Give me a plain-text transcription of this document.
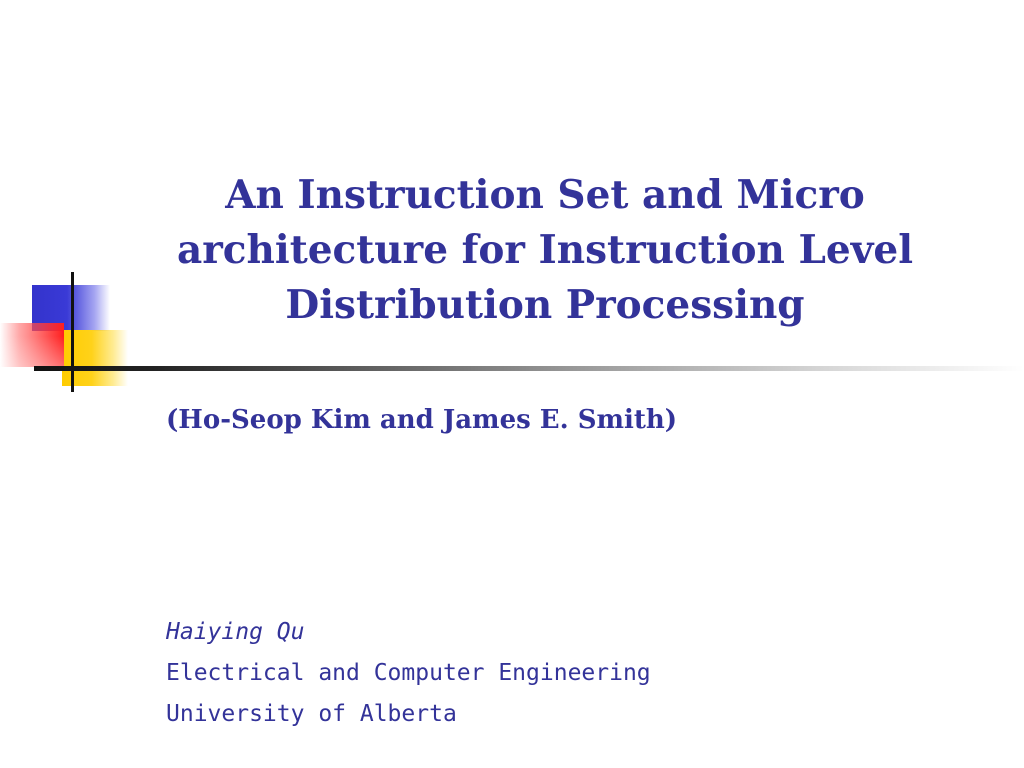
An Instruction Set and Micro
architecture for Instruction Level
Distribution Processing

(Ho-Seop Kim and James E. Smith)

Haiying Qu
Electrical and Computer Engineering
University of Alberta
